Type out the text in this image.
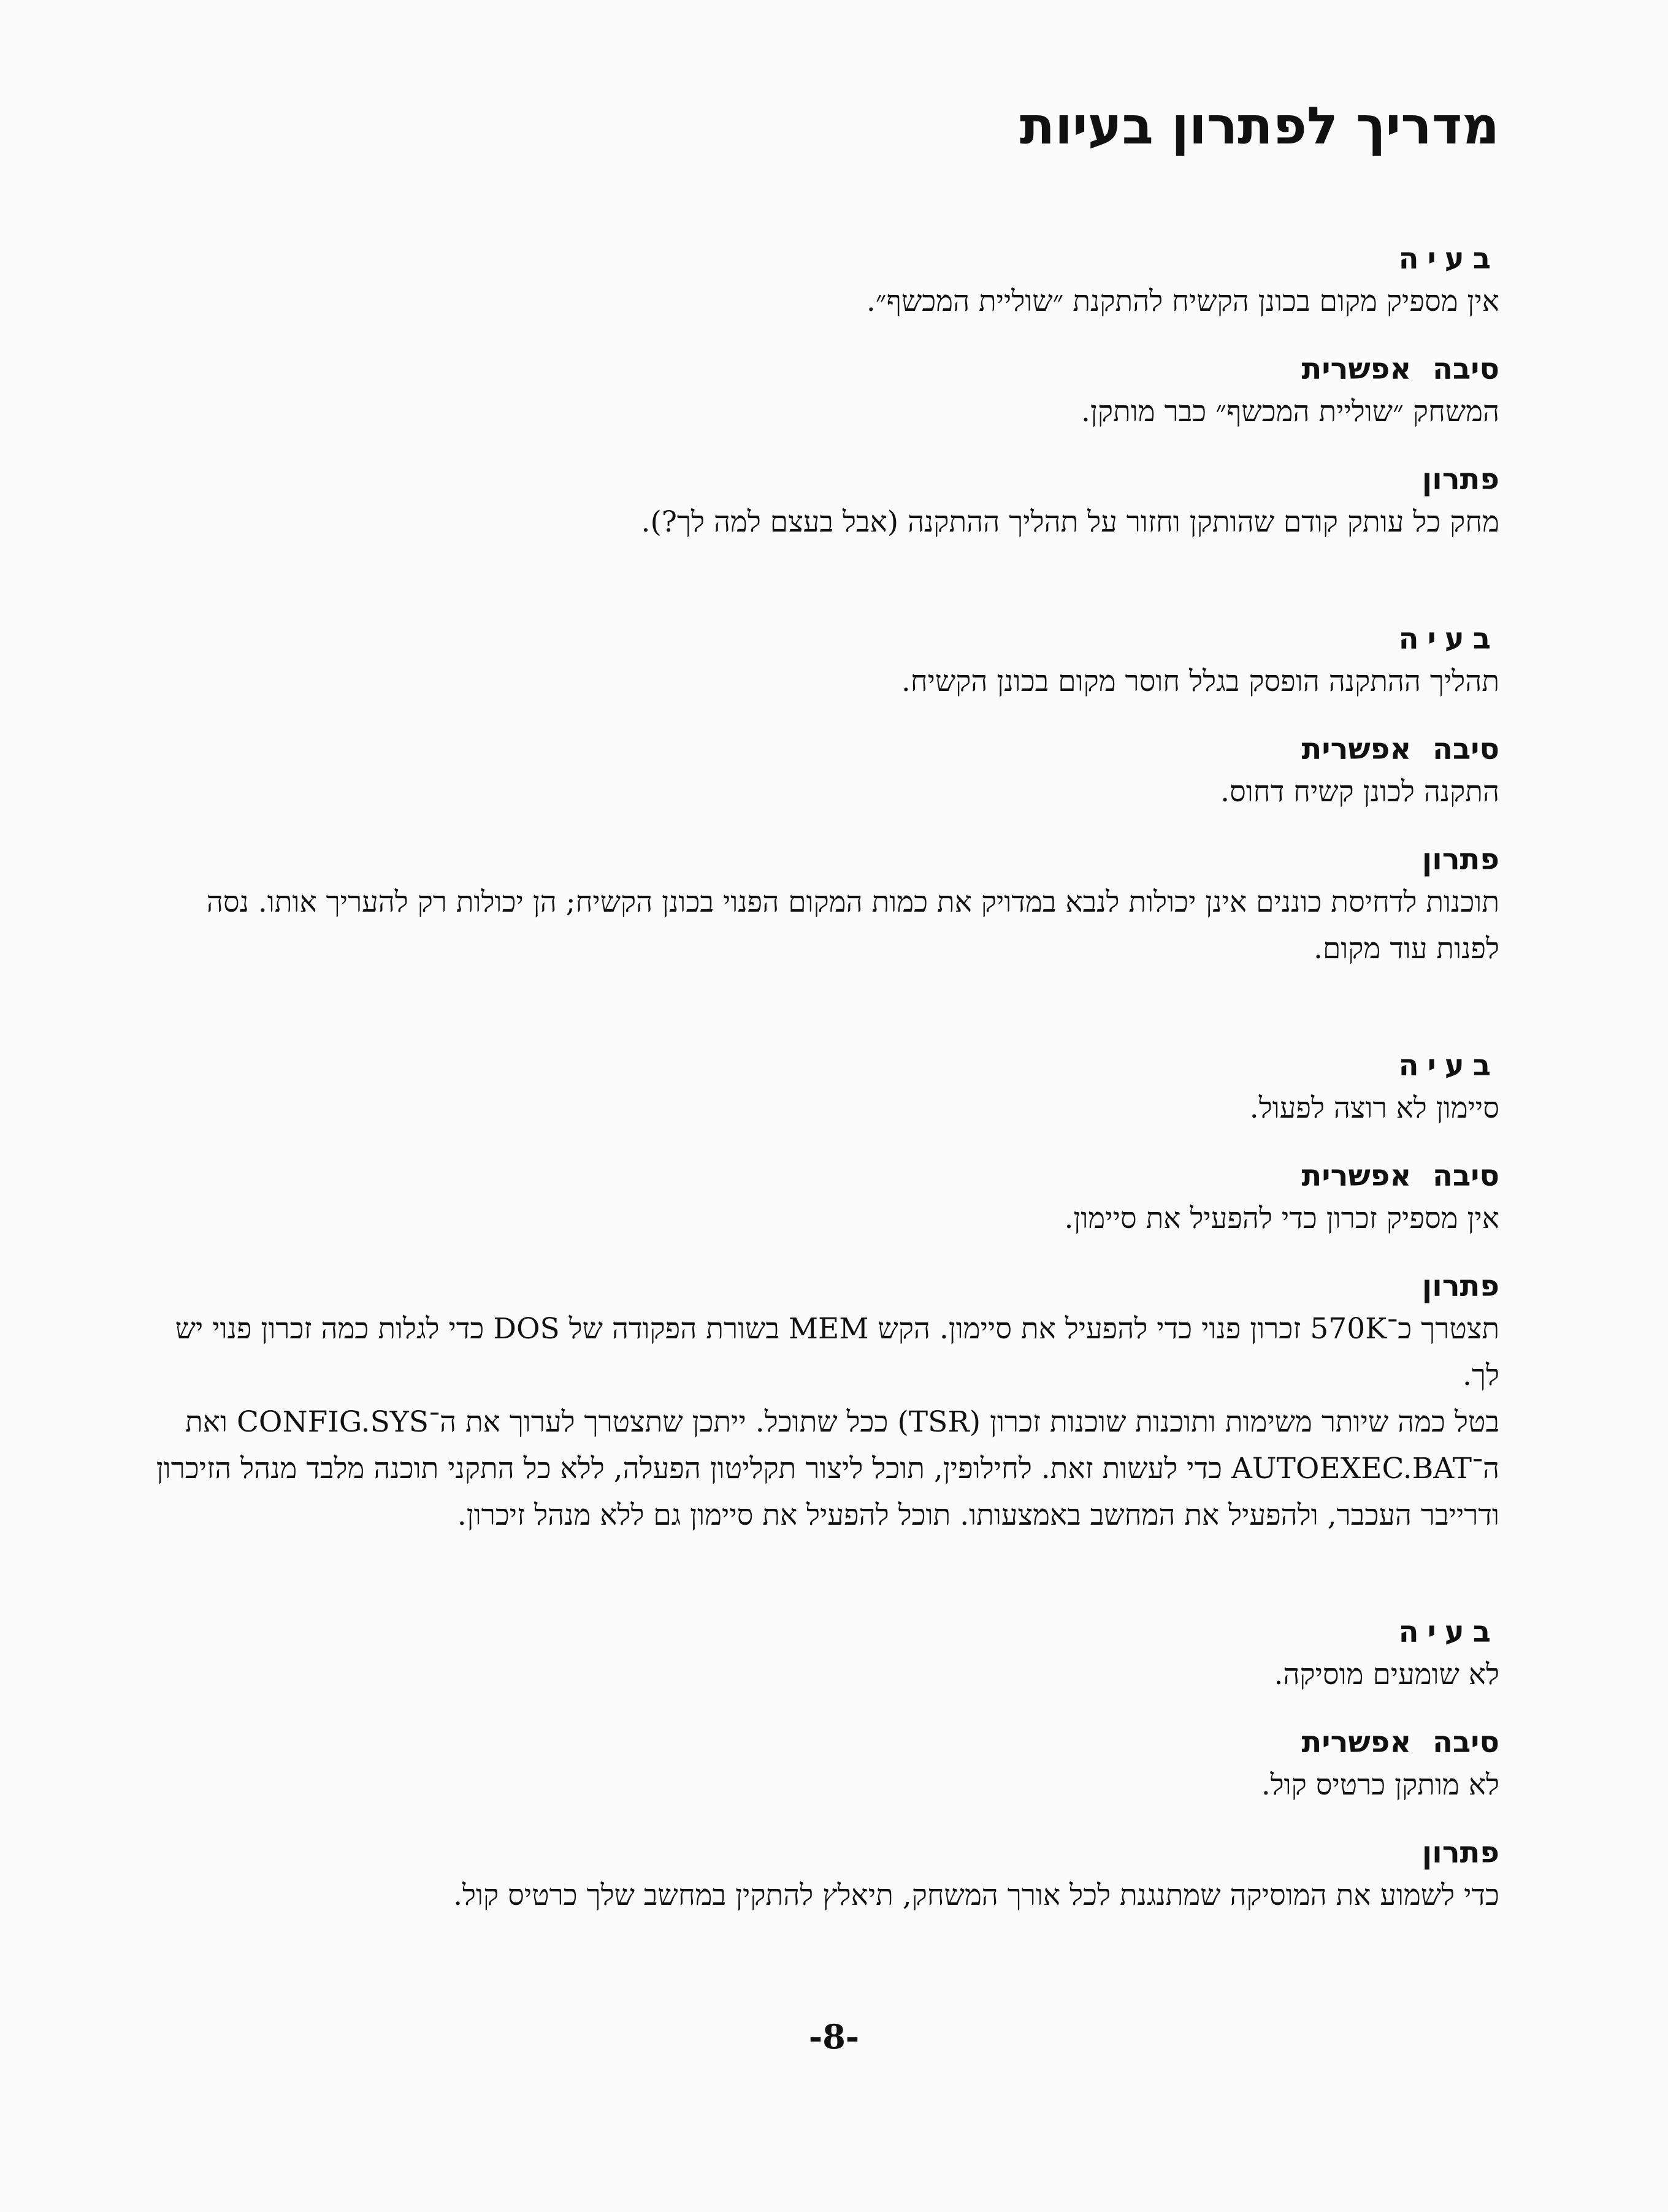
מדריך לפתרון בעיות
בעיה

אין מספיק מקום בכונן הקשיח להתקנת ״שוליית המכשף״.

סיבה אפשרית

המשחק ״שוליית המכשף״ כבר מותקן.

פתרון

מחק כל עותק קודם שהותקן וחזור על תהליך ההתקנה (אבל בעצם למה לך?).

בעיה

תהליך ההתקנה הופסק בגלל חוסר מקום בכונן הקשיח.

סיבה אפשרית

התקנה לכונן קשיח דחוס.

פתרון

תוכנות לדחיסת כוננים אינן יכולות לנבא במדויק את כמות המקום הפנוי בכונן הקשיח; הן יכולות רק להעריך אותו. נסה לפנות עוד מקום.

בעיה

סיימון לא רוצה לפעול.

סיבה אפשרית

אין מספיק זכרון כדי להפעיל את סיימון.

פתרון

תצטרך כ־570K זכרון פנוי כדי להפעיל את סיימון. הקש MEM בשורת הפקודה של DOS כדי לגלות כמה זכרון פנוי יש לך.

בטל כמה שיותר משימות ותוכנות שוכנות זכרון (TSR) ככל שתוכל. ייתכן שתצטרך לערוך את ה־CONFIG.SYS ואת ה־AUTOEXEC.BAT כדי לעשות זאת. לחילופין, תוכל ליצור תקליטון הפעלה, ללא כל התקני תוכנה מלבד מנהל הזיכרון ודרייבר העכבר, ולהפעיל את המחשב באמצעותו. תוכל להפעיל את סיימון גם ללא מנהל זיכרון.

בעיה

לא שומעים מוסיקה.

סיבה אפשרית

לא מותקן כרטיס קול.

פתרון

כדי לשמוע את המוסיקה שמתנגנת לכל אורך המשחק, תיאלץ להתקין במחשב שלך כרטיס קול.

-8-
